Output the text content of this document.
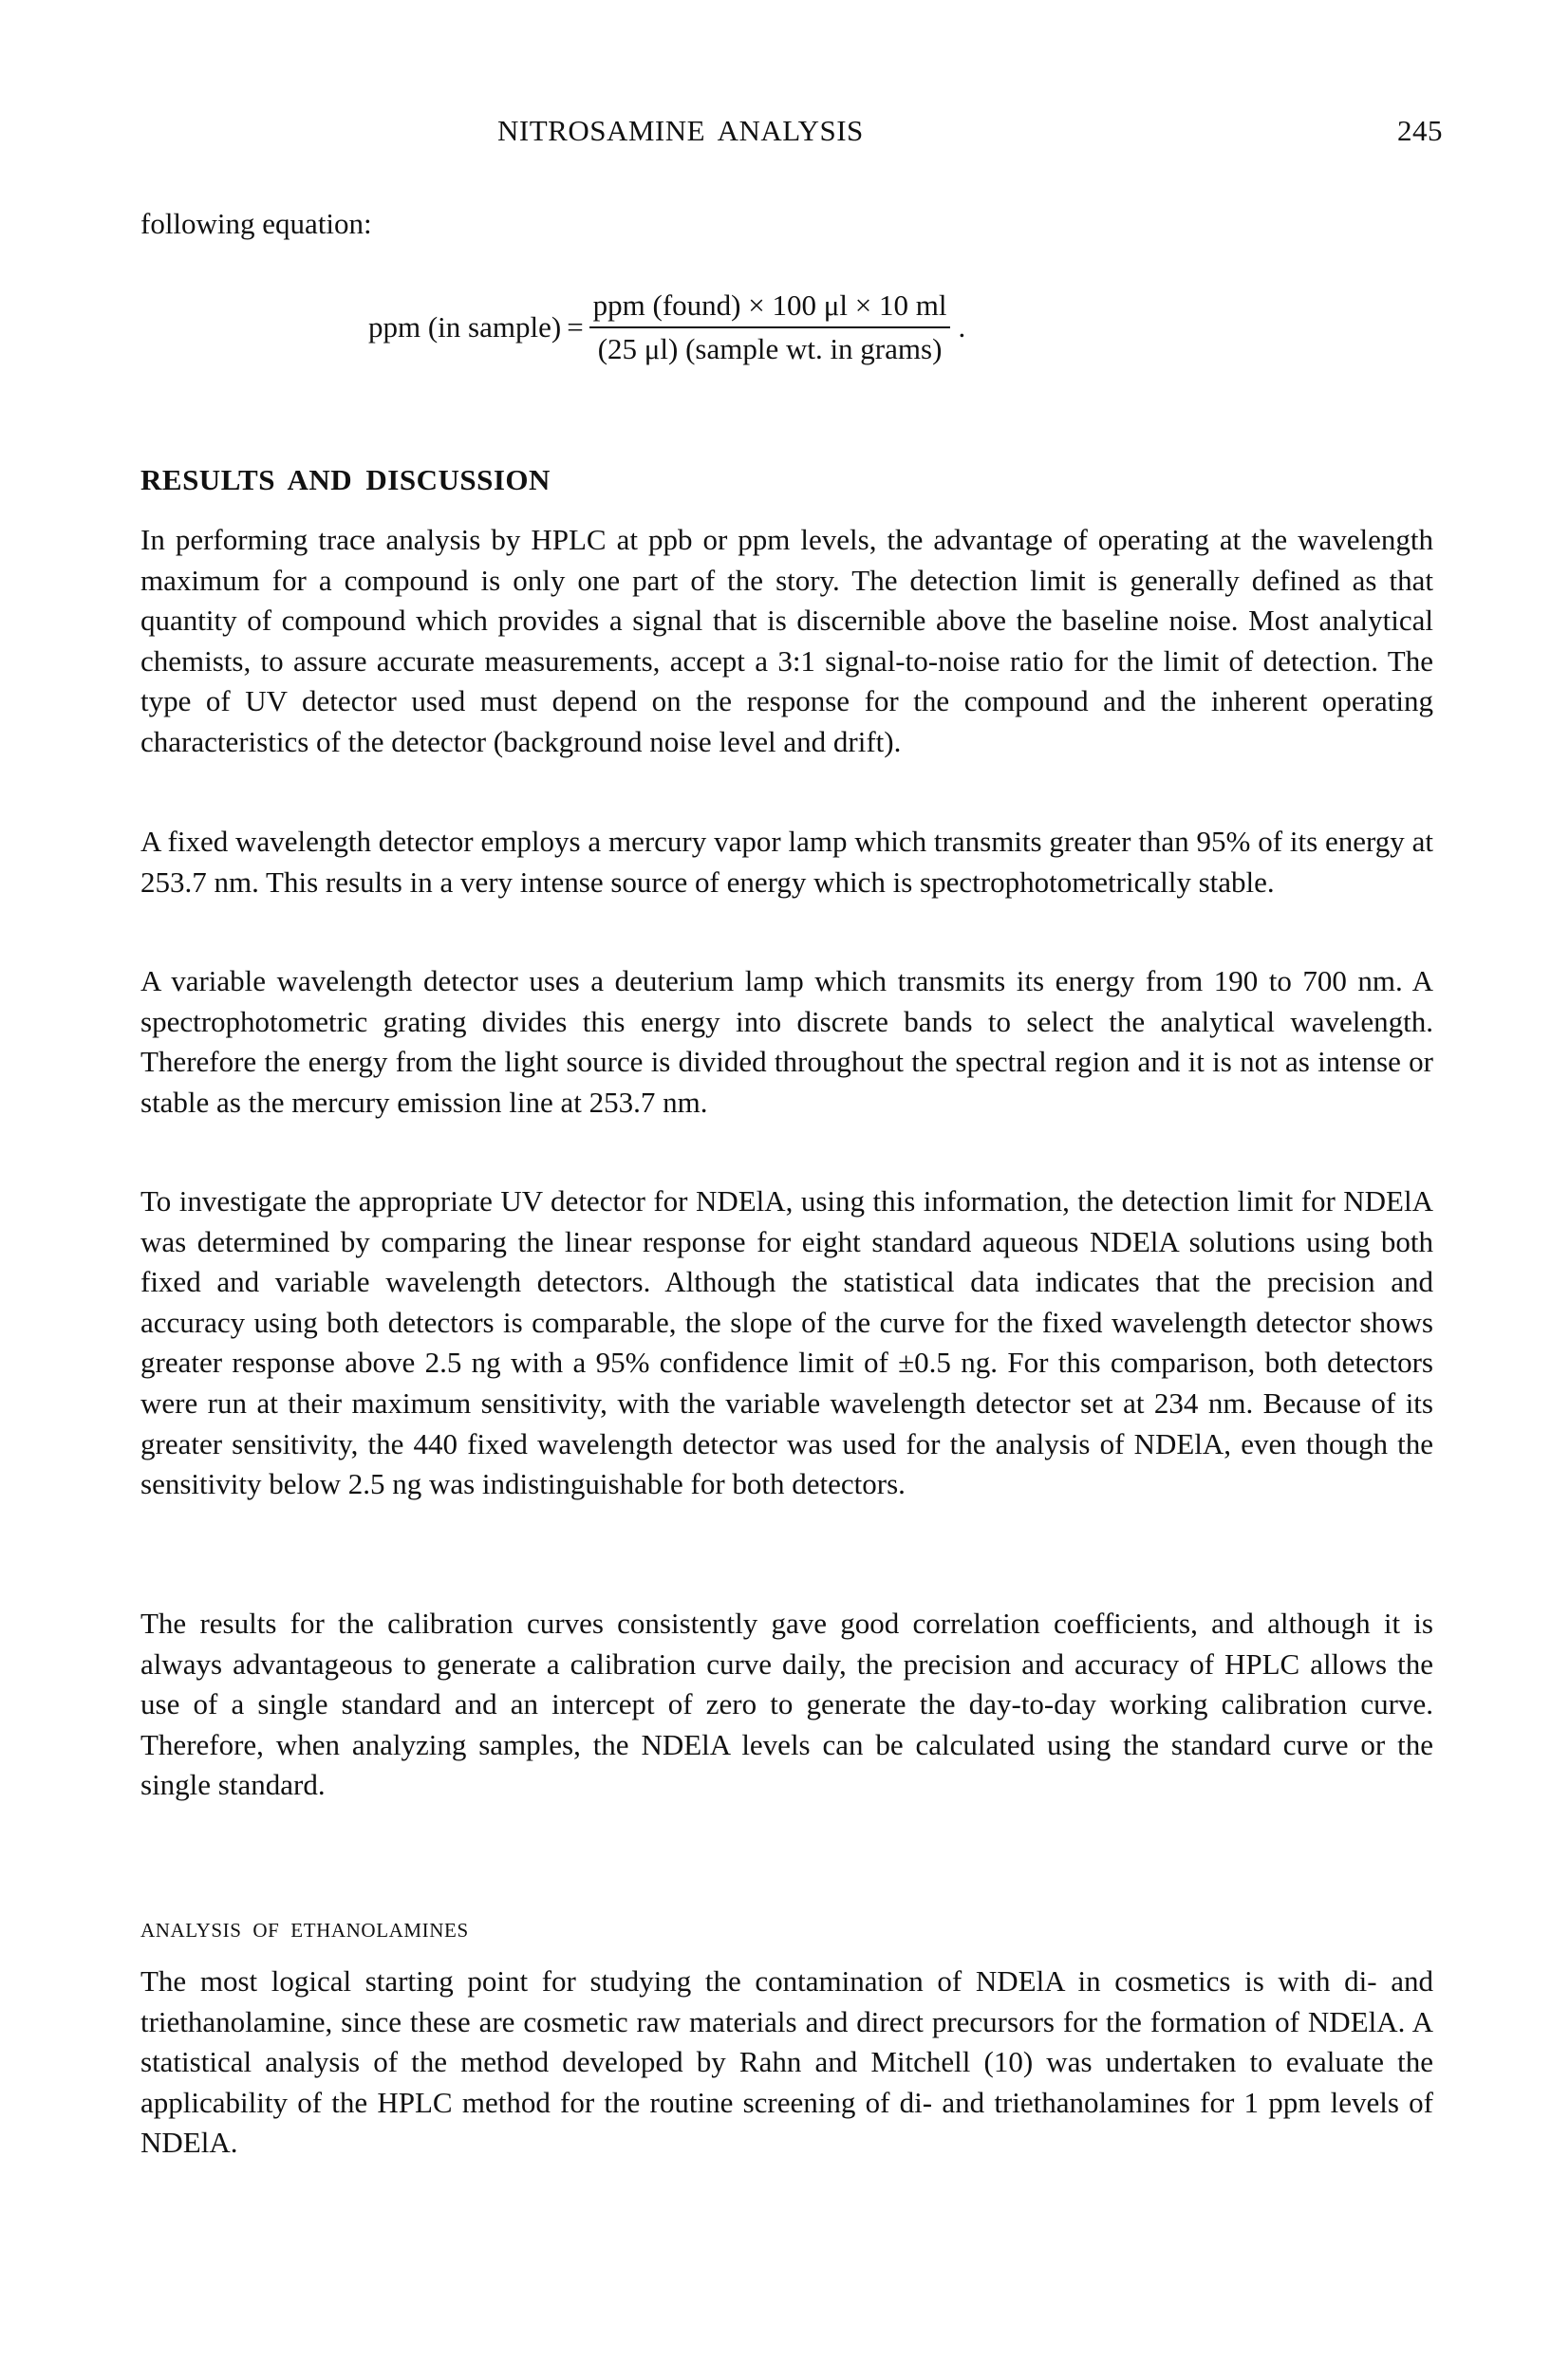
NITROSAMINE ANALYSIS	245
following equation:
ppm (in sample) = $\frac{\text{ppm (found) × 100 μl × 10 ml}}{\text{(25 μl) (sample wt. in grams)}}$ .
RESULTS AND DISCUSSION

In performing trace analysis by HPLC at ppb or ppm levels, the advantage of operating at the wavelength maximum for a compound is only one part of the story. The detection limit is generally defined as that quantity of compound which provides a signal that is discernible above the baseline noise. Most analytical chemists, to assure accurate measurements, accept a 3:1 signal-to-noise ratio for the limit of detection. The type of UV detector used must depend on the response for the compound and the inherent operating characteristics of the detector (background noise level and drift).

A fixed wavelength detector employs a mercury vapor lamp which transmits greater than 95% of its energy at 253.7 nm. This results in a very intense source of energy which is spectrophotometrically stable.

A variable wavelength detector uses a deuterium lamp which transmits its energy from 190 to 700 nm. A spectrophotometric grating divides this energy into discrete bands to select the analytical wavelength. Therefore the energy from the light source is divided throughout the spectral region and it is not as intense or stable as the mercury emission line at 253.7 nm.

To investigate the appropriate UV detector for NDElA, using this information, the detection limit for NDElA was determined by comparing the linear response for eight standard aqueous NDElA solutions using both fixed and variable wavelength detectors. Although the statistical data indicates that the precision and accuracy using both detectors is comparable, the slope of the curve for the fixed wavelength detector shows greater response above 2.5 ng with a 95% confidence limit of ±0.5 ng. For this comparison, both detectors were run at their maximum sensitivity, with the variable wavelength detector set at 234 nm. Because of its greater sensitivity, the 440 fixed wavelength detector was used for the analysis of NDElA, even though the sensitivity below 2.5 ng was indistinguishable for both detectors.

The results for the calibration curves consistently gave good correlation coefficients, and although it is always advantageous to generate a calibration curve daily, the precision and accuracy of HPLC allows the use of a single standard and an intercept of zero to generate the day-to-day working calibration curve. Therefore, when analyzing samples, the NDElA levels can be calculated using the standard curve or the single standard.

ANALYSIS OF ETHANOLAMINES

The most logical starting point for studying the contamination of NDElA in cosmetics is with di- and triethanolamine, since these are cosmetic raw materials and direct precursors for the formation of NDElA. A statistical analysis of the method developed by Rahn and Mitchell (10) was undertaken to evaluate the applicability of the HPLC method for the routine screening of di- and triethanolamines for 1 ppm levels of NDElA.
